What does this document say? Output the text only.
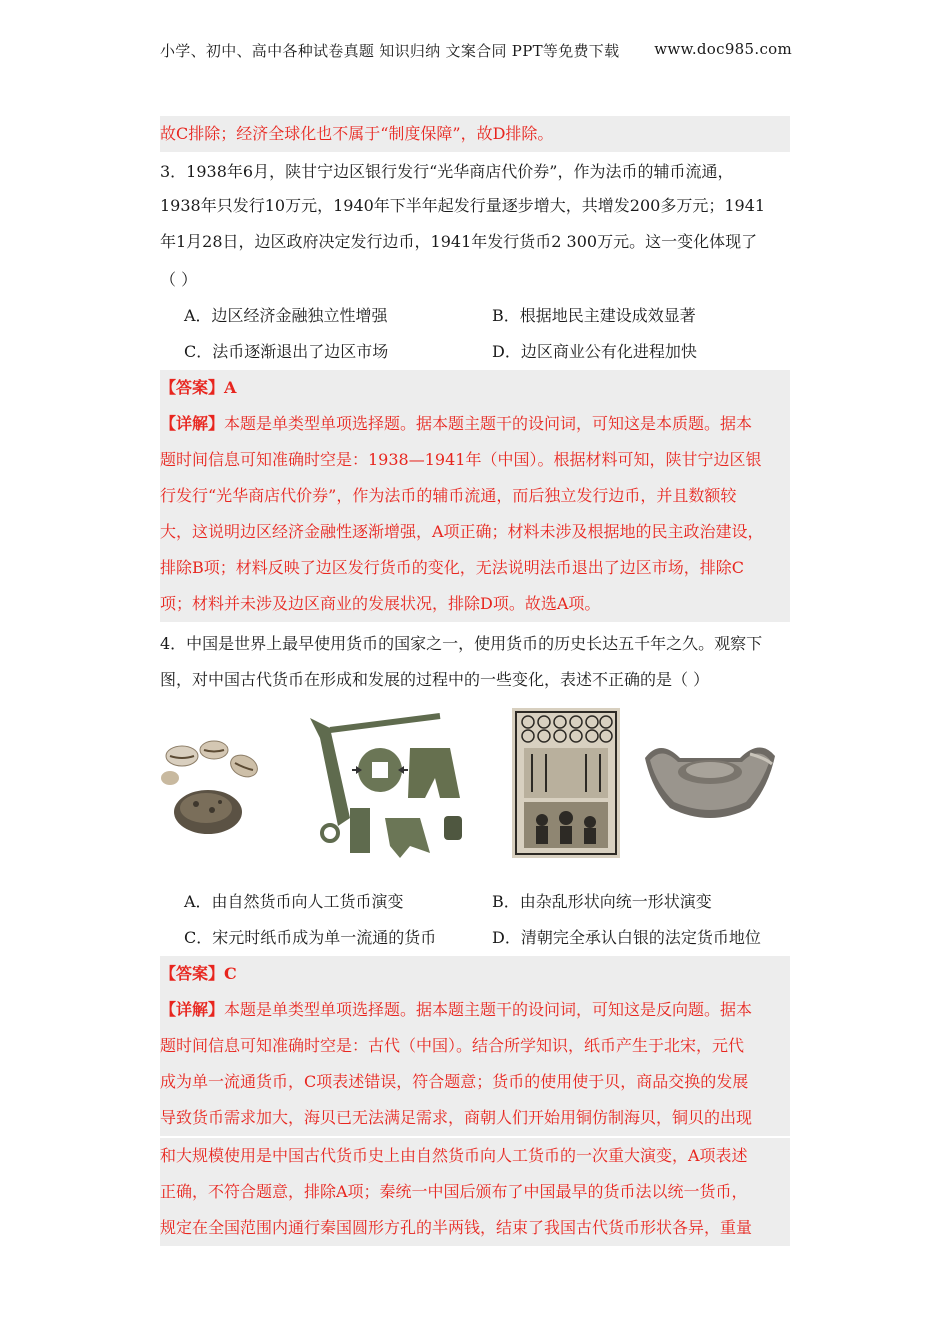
小学、初中、高中各种试卷真题 知识归纳 文案合同 PPT等免费下载 www.doc985.com
故C排除；经济全球化也不属于“制度保障”，故D排除。
3．1938年6月，陕甘宁边区银行发行“光华商店代价券”，作为法币的辅币流通，
1938年只发行10万元，1940年下半年起发行量逐步增大，共增发200多万元；1941
年1月28日，边区政府决定发行边币，1941年发行货币2 300万元。这一变化体现了
（ ）
A．边区经济金融独立性增强	B．根据地民主建设成效显著
C．法币逐渐退出了边区市场	D．边区商业公有化进程加快
【答案】A
【详解】本题是单类型单项选择题。据本题主题干的设问词，可知这是本质题。据本
题时间信息可知准确时空是：1938—1941年（中国）。根据材料可知，陕甘宁边区银
行发行“光华商店代价券”，作为法币的辅币流通，而后独立发行边币，并且数额较
大，这说明边区经济金融性逐渐增强，A项正确；材料未涉及根据地的民主政治建设，
排除B项；材料反映了边区发行货币的变化，无法说明法币退出了边区市场，排除C
项；材料并未涉及边区商业的发展状况，排除D项。故选A项。
4．中国是世界上最早使用货币的国家之一，使用货币的历史长达五千年之久。观察下
图，对中国古代货币在形成和发展的过程中的一些变化，表述不正确的是（ ）
A．由自然货币向人工货币演变	B．由杂乱形状向统一形状演变
C．宋元时纸币成为单一流通的货币	D．清朝完全承认白银的法定货币地位
【答案】C
【详解】本题是单类型单项选择题。据本题主题干的设问词，可知这是反向题。据本
题时间信息可知准确时空是：古代（中国）。结合所学知识，纸币产生于北宋，元代
成为单一流通货币，C项表述错误，符合题意；货币的使用使于贝，商品交换的发展
导致货币需求加大，海贝已无法满足需求，商朝人们开始用铜仿制海贝，铜贝的出现
和大规模使用是中国古代货币史上由自然货币向人工货币的一次重大演变，A项表述
正确，不符合题意，排除A项；秦统一中国后颁布了中国最早的货币法以统一货币，
规定在全国范围内通行秦国圆形方孔的半两钱，结束了我国古代货币形状各异，重量
